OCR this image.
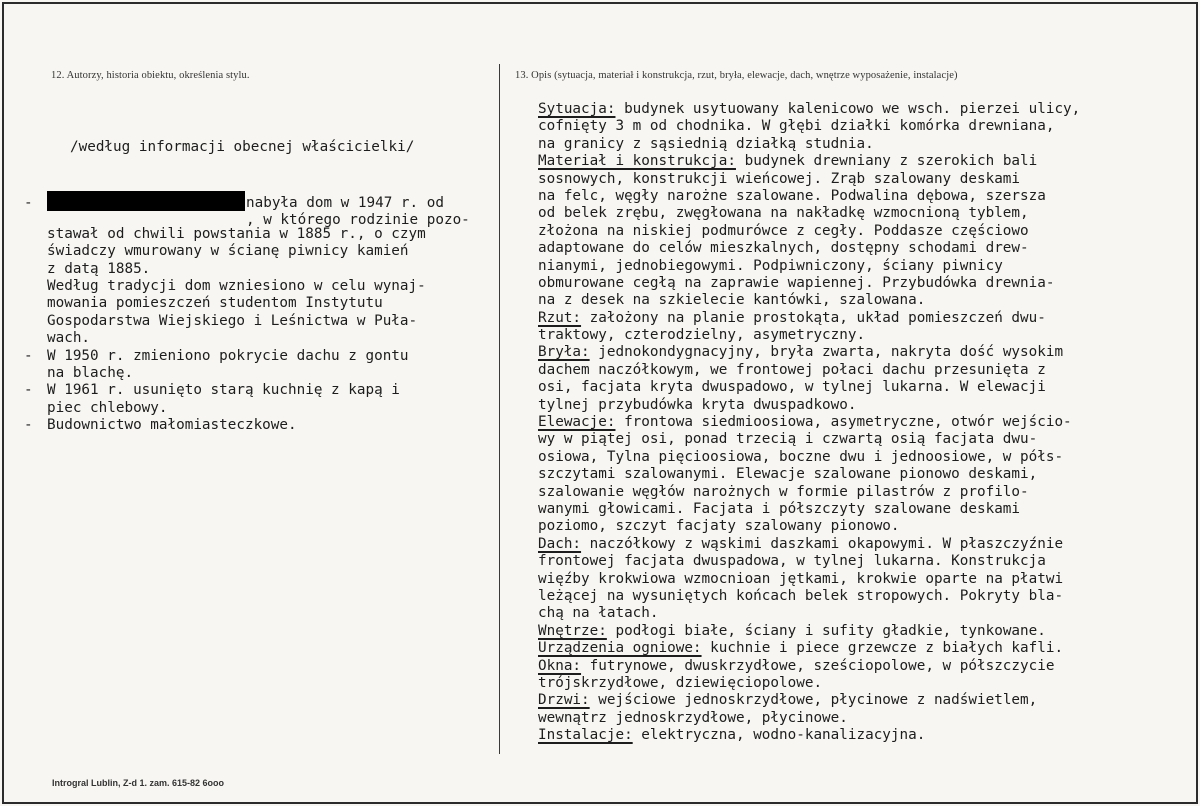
12. Autorzy, historia obiektu, określenia stylu.	13. Opis (sytuacja, materiał i konstrukcja, rzut, bryła, elewacje, dach, wnętrze wyposażenie, instalacje)

/według informacji obecnej właścicielki/

-	nabyła dom w 1947 r. od
, w którego rodzinie pozo-
stawał od chwili powstania w 1885 r., o czym
świadczy wmurowany w ścianę piwnicy kamień
z datą 1885.
Według tradycji dom wzniesiono w celu wynaj-
mowania pomieszczeń studentom Instytutu
Gospodarstwa Wiejskiego i Leśnictwa w Puła-
wach.
- W 1950 r. zmieniono pokrycie dachu z gontu
na blachę.
- W 1961 r. usunięto starą kuchnię z kapą i
piec chlebowy.
- Budownictwo małomiasteczkowe.

Sytuacja: budynek usytuowany kalenicowo we wsch. pierzei ulicy,
cofnięty 3 m od chodnika. W głębi działki komórka drewniana,
na granicy z sąsiednią działką studnia.
Materiał i konstrukcja: budynek drewniany z szerokich bali
sosnowych, konstrukcji wieńcowej. Zrąb szalowany deskami
na felc, węgły narożne szalowane. Podwalina dębowa, szersza
od belek zrębu, zwęgłowana na nakładkę wzmocnioną tyblem,
złożona na niskiej podmurówce z cegły. Poddasze częściowo
adaptowane do celów mieszkalnych, dostępny schodami drew-
nianymi, jednobiegowymi. Podpiwniczony, ściany piwnicy
obmurowane cegłą na zaprawie wapiennej. Przybudówka drewnia-
na z desek na szkielecie kantówki, szalowana.
Rzut: założony na planie prostokąta, układ pomieszczeń dwu-
traktowy, czterodzielny, asymetryczny.
Bryła: jednokondygnacyjny, bryła zwarta, nakryta dość wysokim
dachem naczółkowym, we frontowej połaci dachu przesunięta z
osi, facjata kryta dwuspadowo, w tylnej lukarna. W elewacji
tylnej przybudówka kryta dwuspadkowo.
Elewacje: frontowa siedmioosiowa, asymetryczne, otwór wejścio-
wy w piątej osi, ponad trzecią i czwartą osią facjata dwu-
osiowa, Tylna pięcioosiowa, boczne dwu i jednoosiowe, w półs-
szczytami szalowanymi. Elewacje szalowane pionowo deskami,
szalowanie węgłów narożnych w formie pilastrów z profilo-
wanymi głowicami. Facjata i półszczyty szalowane deskami
poziomo, szczyt facjaty szalowany pionowo.
Dach: naczółkowy z wąskimi daszkami okapowymi. W płaszczyźnie
frontowej facjata dwuspadowa, w tylnej lukarna. Konstrukcja
więźby krokwiowa wzmocnioan jętkami, krokwie oparte na płatwi
leżącej na wysuniętych końcach belek stropowych. Pokryty bla-
chą na łatach.
Wnętrze: podłogi białe, ściany i sufity gładkie, tynkowane.
Urządzenia ogniowe: kuchnie i piece grzewcze z białych kafli.
Okna: futrynowe, dwuskrzydłowe, sześciopolowe, w półszczycie
trójskrzydłowe, dziewięciopolowe.
Drzwi: wejściowe jednoskrzydłowe, płycinowe z nadświetlem,
wewnątrz jednoskrzydłowe, płycinowe.
Instalacje: elektryczna, wodno-kanalizacyjna.
Introgral Lublin, Z-d 1. zam. 615-82 6ooo
